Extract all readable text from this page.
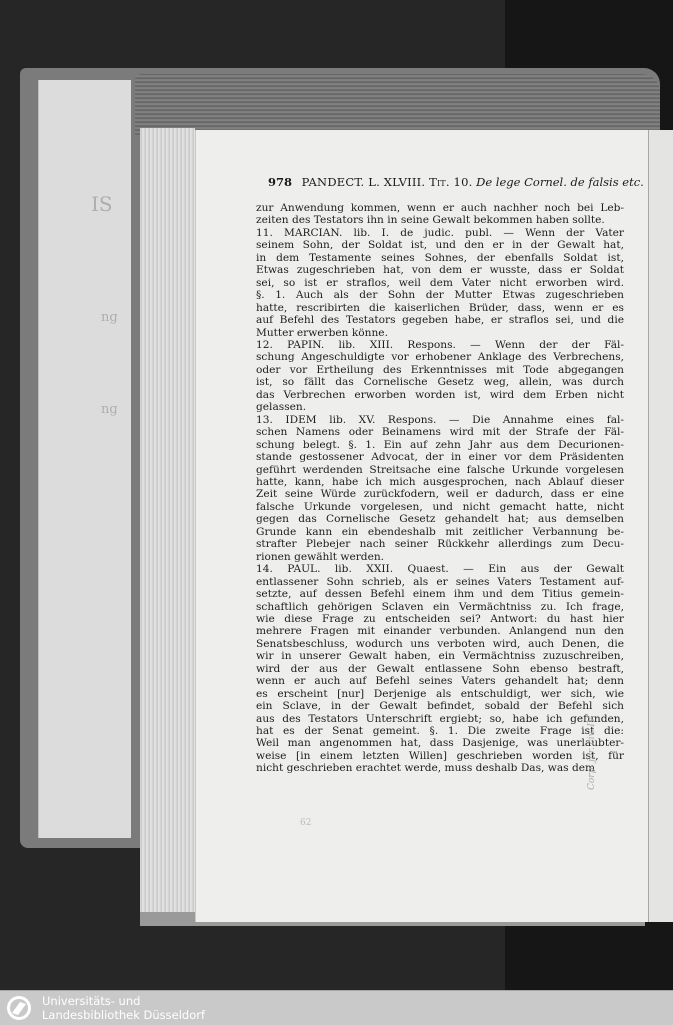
IS
ng
ng
978 PANDECT. L. XLVIII. Tit. 10. De lege Cornel. de falsis etc.
zur Anwendung kommen, wenn er auch nachher noch bei Leb-
zeiten des Testators ihn in seine Gewalt bekommen haben sollte.
11. MARCIAN. lib. I. de judic. publ. — Wenn der Vater
seinem Sohn, der Soldat ist, und den er in der Gewalt hat,
in dem Testamente seines Sohnes, der ebenfalls Soldat ist,
Etwas zugeschrieben hat, von dem er wusste, dass er Soldat
sei, so ist er straflos, weil dem Vater nicht erworben wird.
§. 1. Auch als der Sohn der Mutter Etwas zugeschrieben
hatte, rescribirten die kaiserlichen Brüder, dass, wenn er es
auf Befehl des Testators gegeben habe, er straflos sei, und die
Mutter erwerben könne.
12. PAPIN. lib. XIII. Respons. — Wenn der der Fäl-
schung Angeschuldigte vor erhobener Anklage des Verbrechens,
oder vor Ertheilung des Erkenntnisses mit Tode abgegangen
ist, so fällt das Cornelische Gesetz weg, allein, was durch
das Verbrechen erworben worden ist, wird dem Erben nicht
gelassen.
13. IDEM lib. XV. Respons. — Die Annahme eines fal-
schen Namens oder Beinamens wird mit der Strafe der Fäl-
schung belegt. §. 1. Ein auf zehn Jahr aus dem Decurionen-
stande gestossener Advocat, der in einer vor dem Präsidenten
geführt werdenden Streitsache eine falsche Urkunde vorgelesen
hatte, kann, habe ich mich ausgesprochen, nach Ablauf dieser
Zeit seine Würde zurückfodern, weil er dadurch, dass er eine
falsche Urkunde vorgelesen, und nicht gemacht hatte, nicht
gegen das Cornelische Gesetz gehandelt hat; aus demselben
Grunde kann ein ebendeshalb mit zeitlicher Verbannung be-
strafter Plebejer nach seiner Rückkehr allerdings zum Decu-
rionen gewählt werden.
14. PAUL. lib. XXII. Quaest. — Ein aus der Gewalt
entlassener Sohn schrieb, als er seines Vaters Testament auf-
setzte, auf dessen Befehl einem ihm und dem Titius gemein-
schaftlich gehörigen Sclaven ein Vermächtniss zu. Ich frage,
wie diese Frage zu entscheiden sei? Antwort: du hast hier
mehrere Fragen mit einander verbunden. Anlangend nun den
Senatsbeschluss, wodurch uns verboten wird, auch Denen, die
wir in unserer Gewalt haben, ein Vermächtniss zuzuschreiben,
wird der aus der Gewalt entlassene Sohn ebenso bestraft,
wenn er auch auf Befehl seines Vaters gehandelt hat; denn
es erscheint [nur] Derjenige als entschuldigt, wer sich, wie
ein Sclave, in der Gewalt befindet, sobald der Befehl sich
aus des Testators Unterschrift ergiebt; so, habe ich gefunden,
hat es der Senat gemeint. §. 1. Die zweite Frage ist die:
Weil man angenommen hat, dass Dasjenige, was unerlaubter-
weise [in einem letzten Willen] geschrieben worden ist, für
nicht geschrieben erachtet werde, muss deshalb Das, was dem
62
Corp. jur. civ. IV.
Universitäts- und
Landesbibliothek Düsseldorf
